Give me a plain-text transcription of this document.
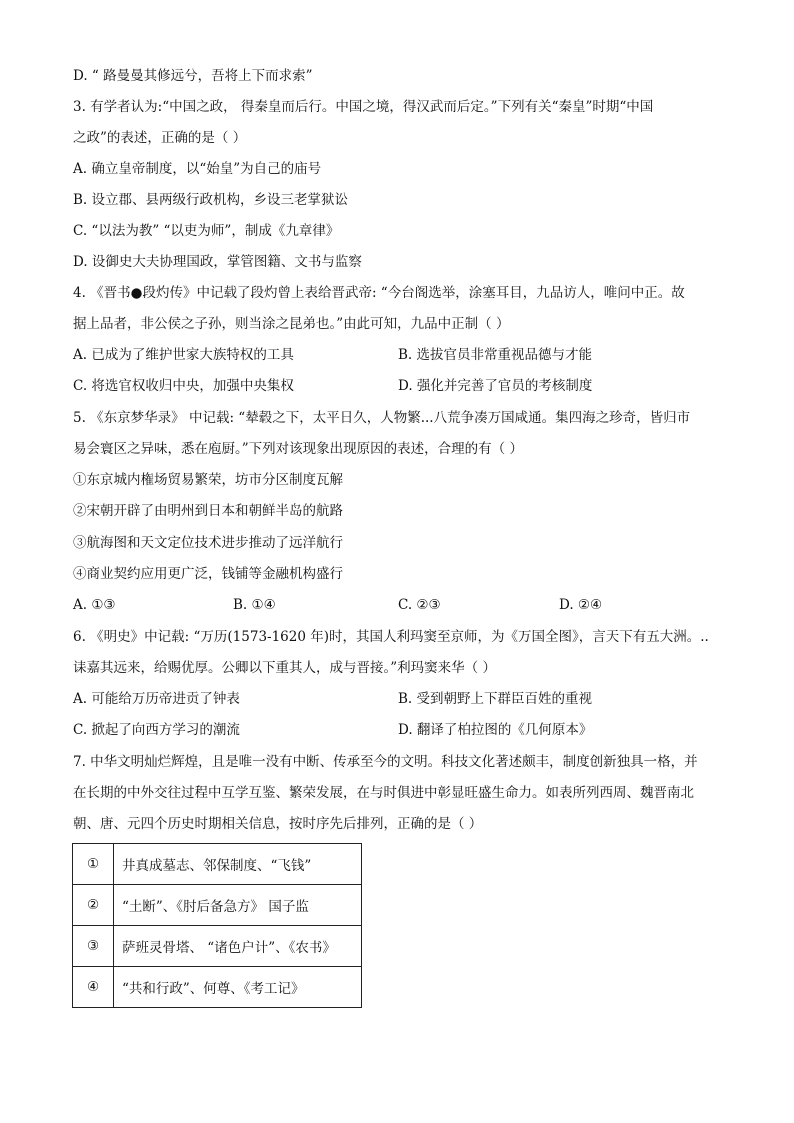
D. “ 路曼曼其修远兮，吾将上下而求索”
3. 有学者认为:“中国之政， 得秦皇而后行。中国之境，得汉武而后定。”下列有关“秦皇”时期“中国
之政”的表述，正确的是（ ）
A. 确立皇帝制度，以“始皇”为自己的庙号
B. 设立郡、县两级行政机构，乡设三老掌狱讼
C. “以法为教” “以吏为师”，制成《九章律》
D. 设御史大夫协理国政，掌管图籍、文书与监察
4. 《晋书●段灼传》中记载了段灼曾上表给晋武帝: “今台阁选举，涂塞耳目，九品访人，唯问中正。故
据上品者，非公侯之子孙，则当涂之昆弟也。”由此可知，九品中正制（ ）
A. 已成为了维护世家大族特权的工具	B. 选拔官员非常重视品德与才能
C. 将选官权收归中央，加强中央集权	D. 强化并完善了官员的考核制度
5. 《东京梦华录》 中记载: “辇毂之下，太平日久，人物繁...八荒争凑万国咸通。集四海之珍奇，皆归市
易会寰区之异味，悉在庖厨。”下列对该现象出现原因的表述，合理的有（ ）
①东京城内権场贸易繁荣，坊市分区制度瓦解
②宋朝开辟了由明州到日本和朝鲜半岛的航路
③航海图和天文定位技术进步推动了远洋航行
④商业契约应用更广泛，钱铺等金融机构盛行
A. ①③	B. ①④	C. ②③	D. ②④
6. 《明史》中记载: “万历(1573-1620 年)时，其国人利玛窦至京师，为《万国全图》，言天下有五大洲。..
诔嘉其远来，给赐优厚。公卿以下重其人，成与晋接。”利玛窦来华（ ）
A. 可能给万历帝进贡了钟表	B. 受到朝野上下群臣百姓的重视
C. 掀起了向西方学习的潮流	D. 翻译了柏拉图的《几何原本》
7. 中华文明灿烂辉煌，且是唯一没有中断、传承至今的文明。科技文化著述颇丰，制度创新独具一格，并
在长期的中外交往过程中互学互鉴、繁荣发展，在与时俱进中彰显旺盛生命力。如表所列西周、魏晋南北
朝、唐、元四个历史时期相关信息，按时序先后排列，正确的是（ ）
①	井真成墓志、邻保制度、“飞钱”
②	“土断”、《肘后备急方》 国子监
③	萨班灵骨塔、 “诸色户计”、《农书》
④	“共和行政”、何尊、《考工记》
